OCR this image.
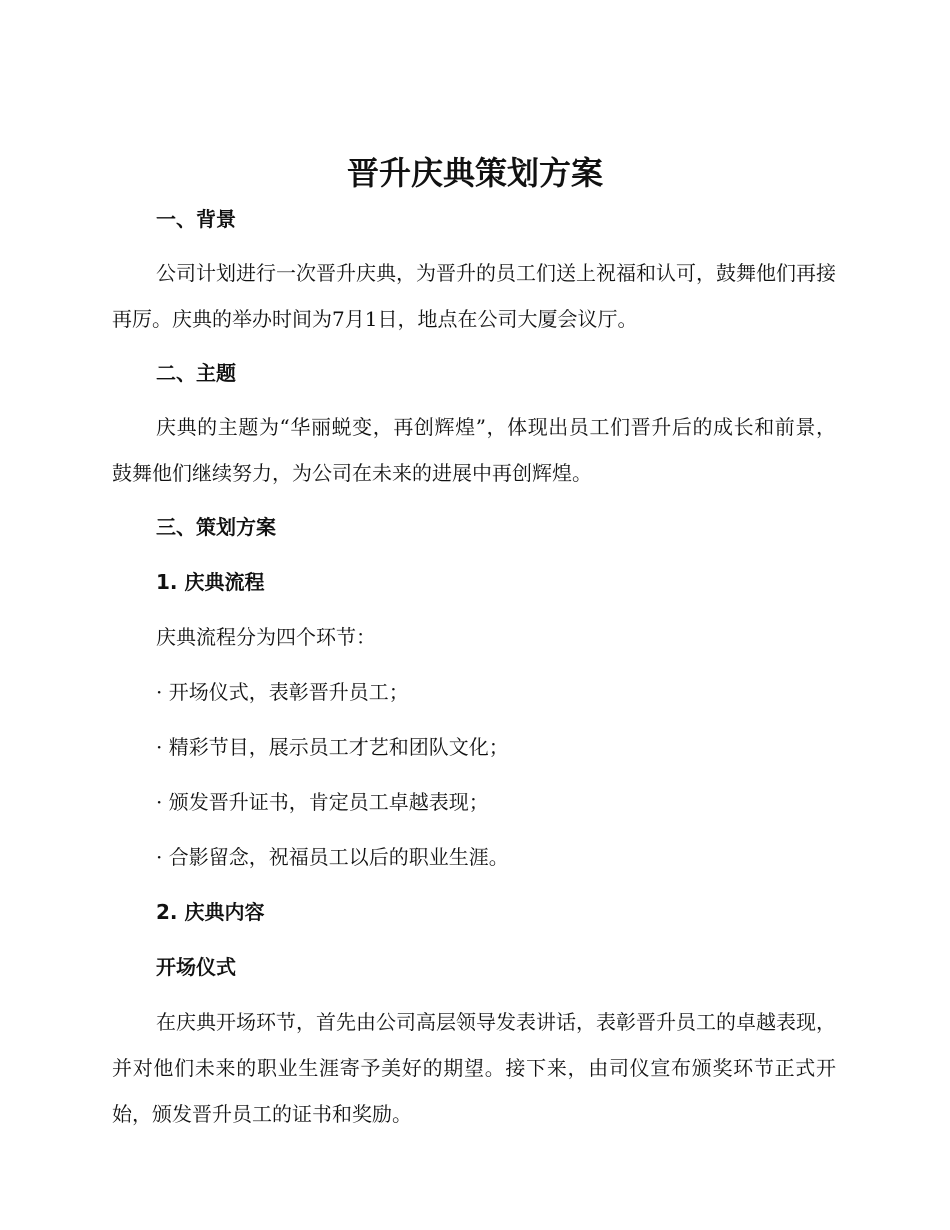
晋升庆典策划方案
一、背景

公司计划进行一次晋升庆典，为晋升的员工们送上祝福和认可，鼓舞他们再接再厉。庆典的举办时间为7月1日，地点在公司大厦会议厅。

二、主题

庆典的主题为“华丽蜕变，再创辉煌”，体现出员工们晋升后的成长和前景，鼓舞他们继续努力，为公司在未来的进展中再创辉煌。

三、策划方案
1. 庆典流程

庆典流程分为四个环节：

· 开场仪式，表彰晋升员工；

· 精彩节目，展示员工才艺和团队文化；

· 颁发晋升证书，肯定员工卓越表现；

· 合影留念，祝福员工以后的职业生涯。

2. 庆典内容
开场仪式

在庆典开场环节，首先由公司高层领导发表讲话，表彰晋升员工的卓越表现，并对他们未来的职业生涯寄予美好的期望。接下来，由司仪宣布颁奖环节正式开始，颁发晋升员工的证书和奖励。
